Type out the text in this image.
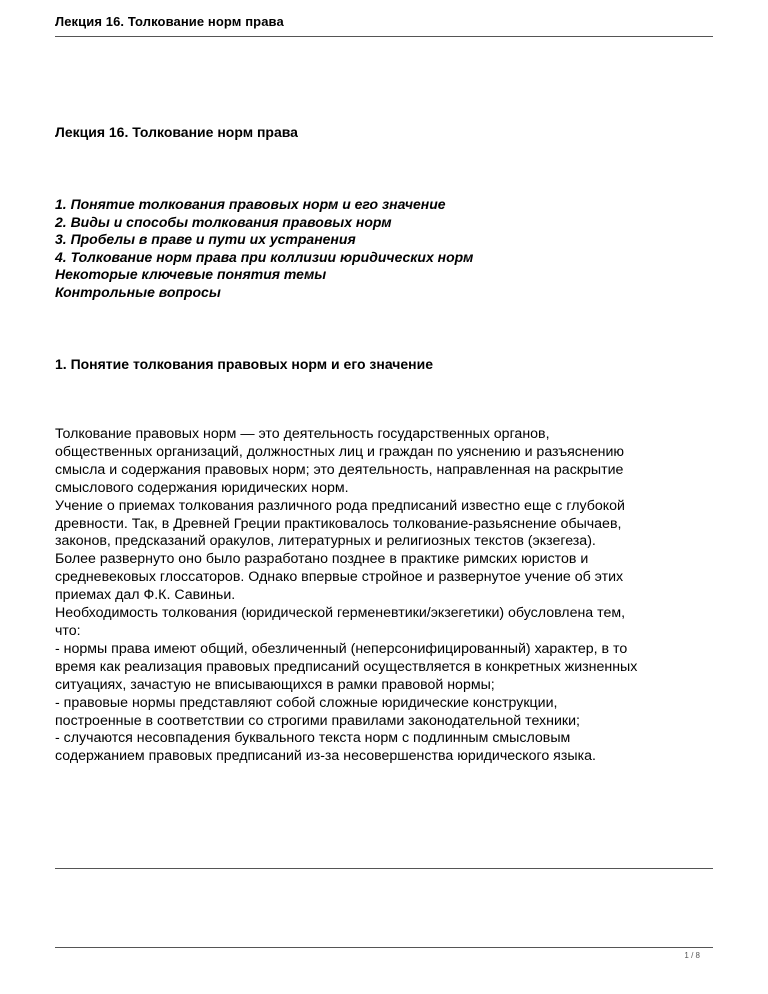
Лекция 16. Толкование норм права
Лекция 16. Толкование норм права
1. Понятие толкования правовых норм и его значение
2. Виды и способы толкования правовых норм
3. Пробелы в праве и пути их устранения
4. Толкование норм права при коллизии юридических норм
Некоторые ключевые понятия темы
Контрольные вопросы
1. Понятие толкования правовых норм и его значение
Толкование правовых норм — это деятельность государственных органов,
общественных организаций, должностных лиц и граждан по уяснению и разъяснению
смысла и содержания правовых норм; это деятельность, направленная на раскрытие
смыслового содержания юридических норм.
Учение о приемах толкования различного рода предписаний известно еще с глубокой
древности. Так, в Древней Греции практиковалось толкование-разьяснение обычаев,
законов, предсказаний оракулов, литературных и религиозных текстов (экзегеза).
Более развернуто оно было разработано позднее в практике римских юристов и
средневековых глоссаторов. Однако впервые стройное и развернутое учение об этих
приемах дал Ф.К. Савиньи.
Необходимость толкования (юридической герменевтики/экзегетики) обусловлена тем,
что:
- нормы права имеют общий, обезличенный (неперсонифицированный) характер, в то
время как реализация правовых предписаний осуществляется в конкретных жизненных
ситуациях, зачастую не вписывающихся в рамки правовой нормы;
- правовые нормы представляют собой сложные юридические конструкции,
построенные в соответствии со строгими правилами законодательной техники;
- случаются несовпадения буквального текста норм с подлинным смысловым
содержанием правовых предписаний из-за несовершенства юридического языка.
1 / 8
